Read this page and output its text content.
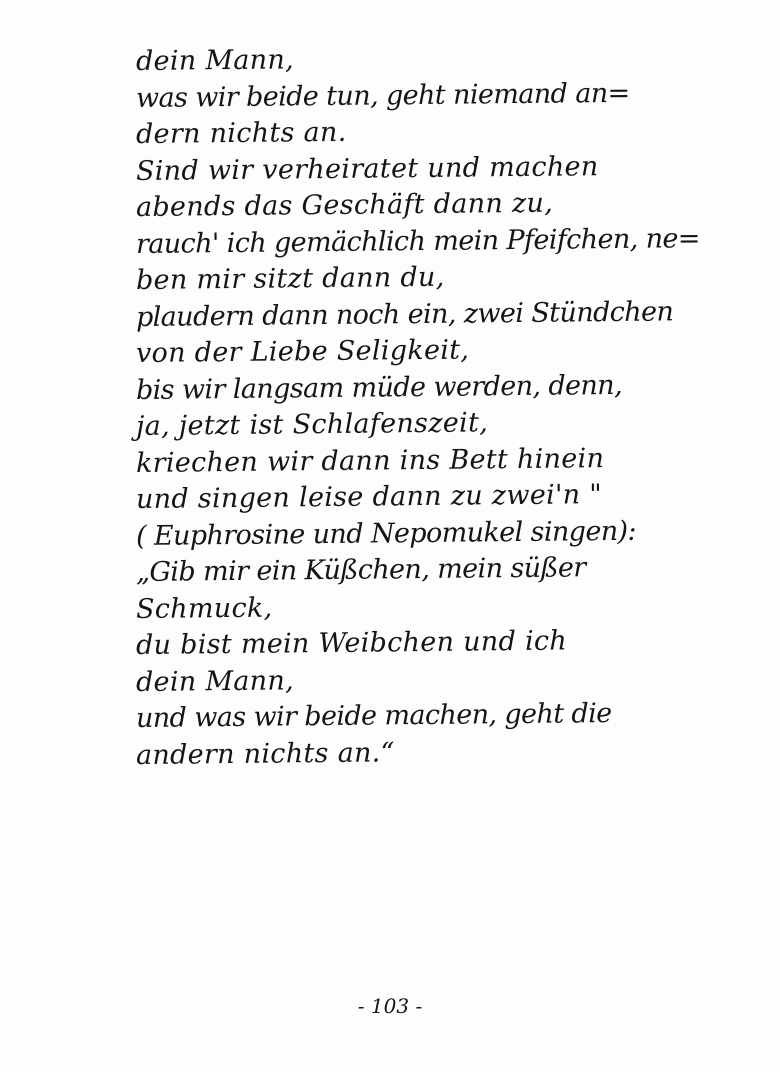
dein Mann,
was wir beide tun, geht niemand an=
dern nichts an.
Sind wir verheiratet und machen
abends das Geschäft dann zu,
rauch' ich gemächlich mein Pfeifchen, ne=
ben mir sitzt dann du,
plaudern dann noch ein, zwei Stündchen
von der Liebe Seligkeit,
bis wir langsam müde werden, denn,
ja, jetzt ist Schlafenszeit,
kriechen wir dann ins Bett hinein
und singen leise dann zu zwei'n "
( Euphrosine und Nepomukel singen):
„Gib mir ein Küßchen, mein süßer
Schmuck,
du bist mein Weibchen und ich
dein Mann,
und was wir beide machen, geht die
andern nichts an.“
- 103 -
